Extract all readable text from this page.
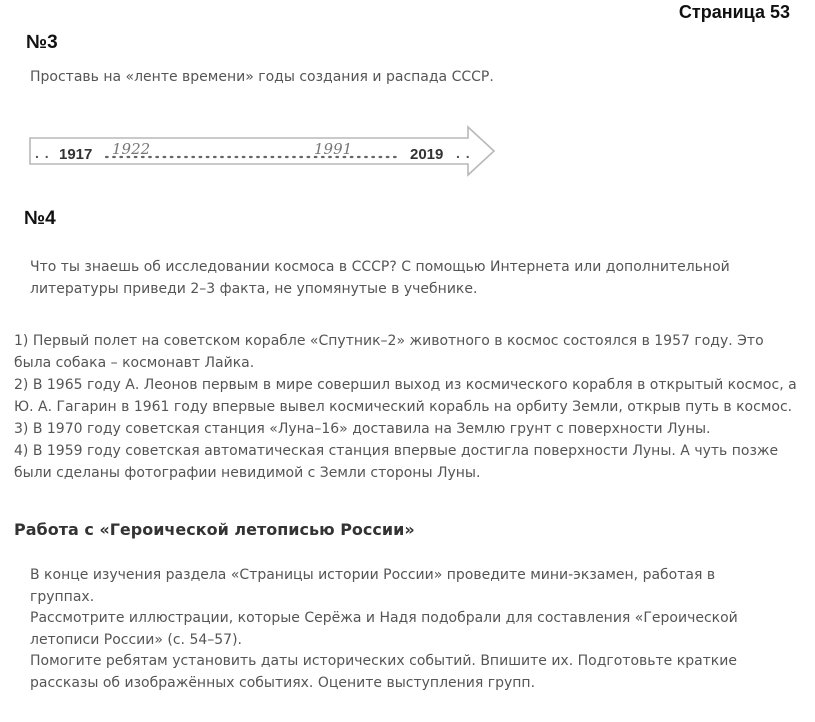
Страница 53
№3
Проставь на «ленте времени» годы создания и распада СССР.
. . 1917 1922	1991	2019 . .
№4
Что ты знаешь об исследовании космоса в СССР? С помощью Интернета или дополнительной
литературы приведи 2–3 факта, не упомянутые в учебнике.

1) Первый полет на советском корабле «Спутник–2» животного в космос состоялся в 1957 году. Это была собака – космонавт Лайка.

2) В 1965 году А. Леонов первым в мире совершил выход из космического корабля в открытый космос, а Ю. А. Гагарин в 1961 году впервые вывел космический корабль на орбиту Земли, открыв путь в космос.

3) В 1970 году советская станция «Луна–16» доставила на Землю грунт с поверхности Луны.

4) В 1959 году советская автоматическая станция впервые достигла поверхности Луны. А чуть позже были сделаны фотографии невидимой с Земли стороны Луны.

Работа с «Героической летописью России»

В конце изучения раздела «Страницы истории России» проведите мини-экзамен, работая в группах.

Рассмотрите иллюстрации, которые Серёжа и Надя подобрали для составления «Героической летописи России» (с. 54–57).

Помогите ребятам установить даты исторических событий. Впишите их. Подготовьте краткие рассказы об изображённых событиях. Оцените выступления групп.
